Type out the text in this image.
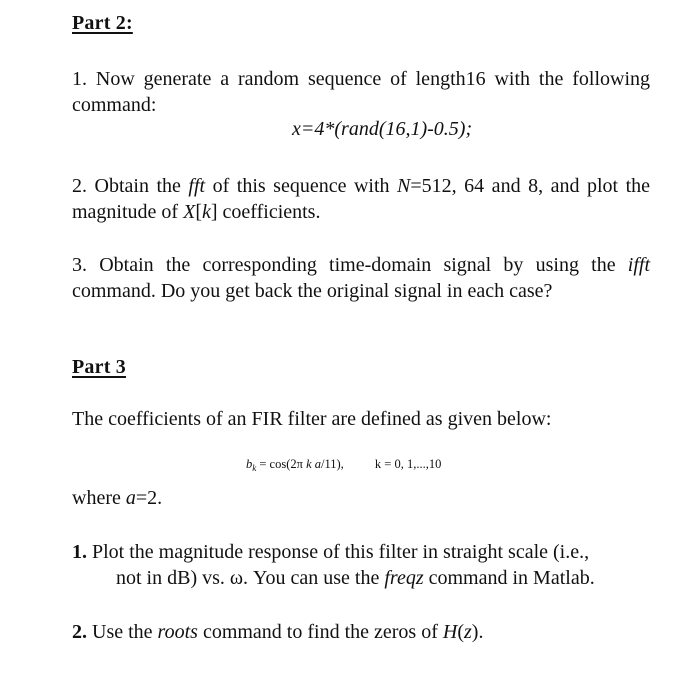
Part 2:
1. Now generate a random sequence of length16 with the following command:
x=4*(rand(16,1)-0.5);
2. Obtain the fft of this sequence with N=512, 64 and 8, and plot the magnitude of X[k] coefficients.
3. Obtain the corresponding time-domain signal by using the ifft command. Do you get back the original signal in each case?
Part 3
The coefficients of an FIR filter are defined as given below:
$b_k = \cos(2\pi$ k a/11), k = 0, 1,...,10
where a=2.
1. Plot the magnitude response of this filter in straight scale (i.e.,
not in dB) vs. ω. You can use the freqz command in Matlab.
2. Use the roots command to find the zeros of H(z).
